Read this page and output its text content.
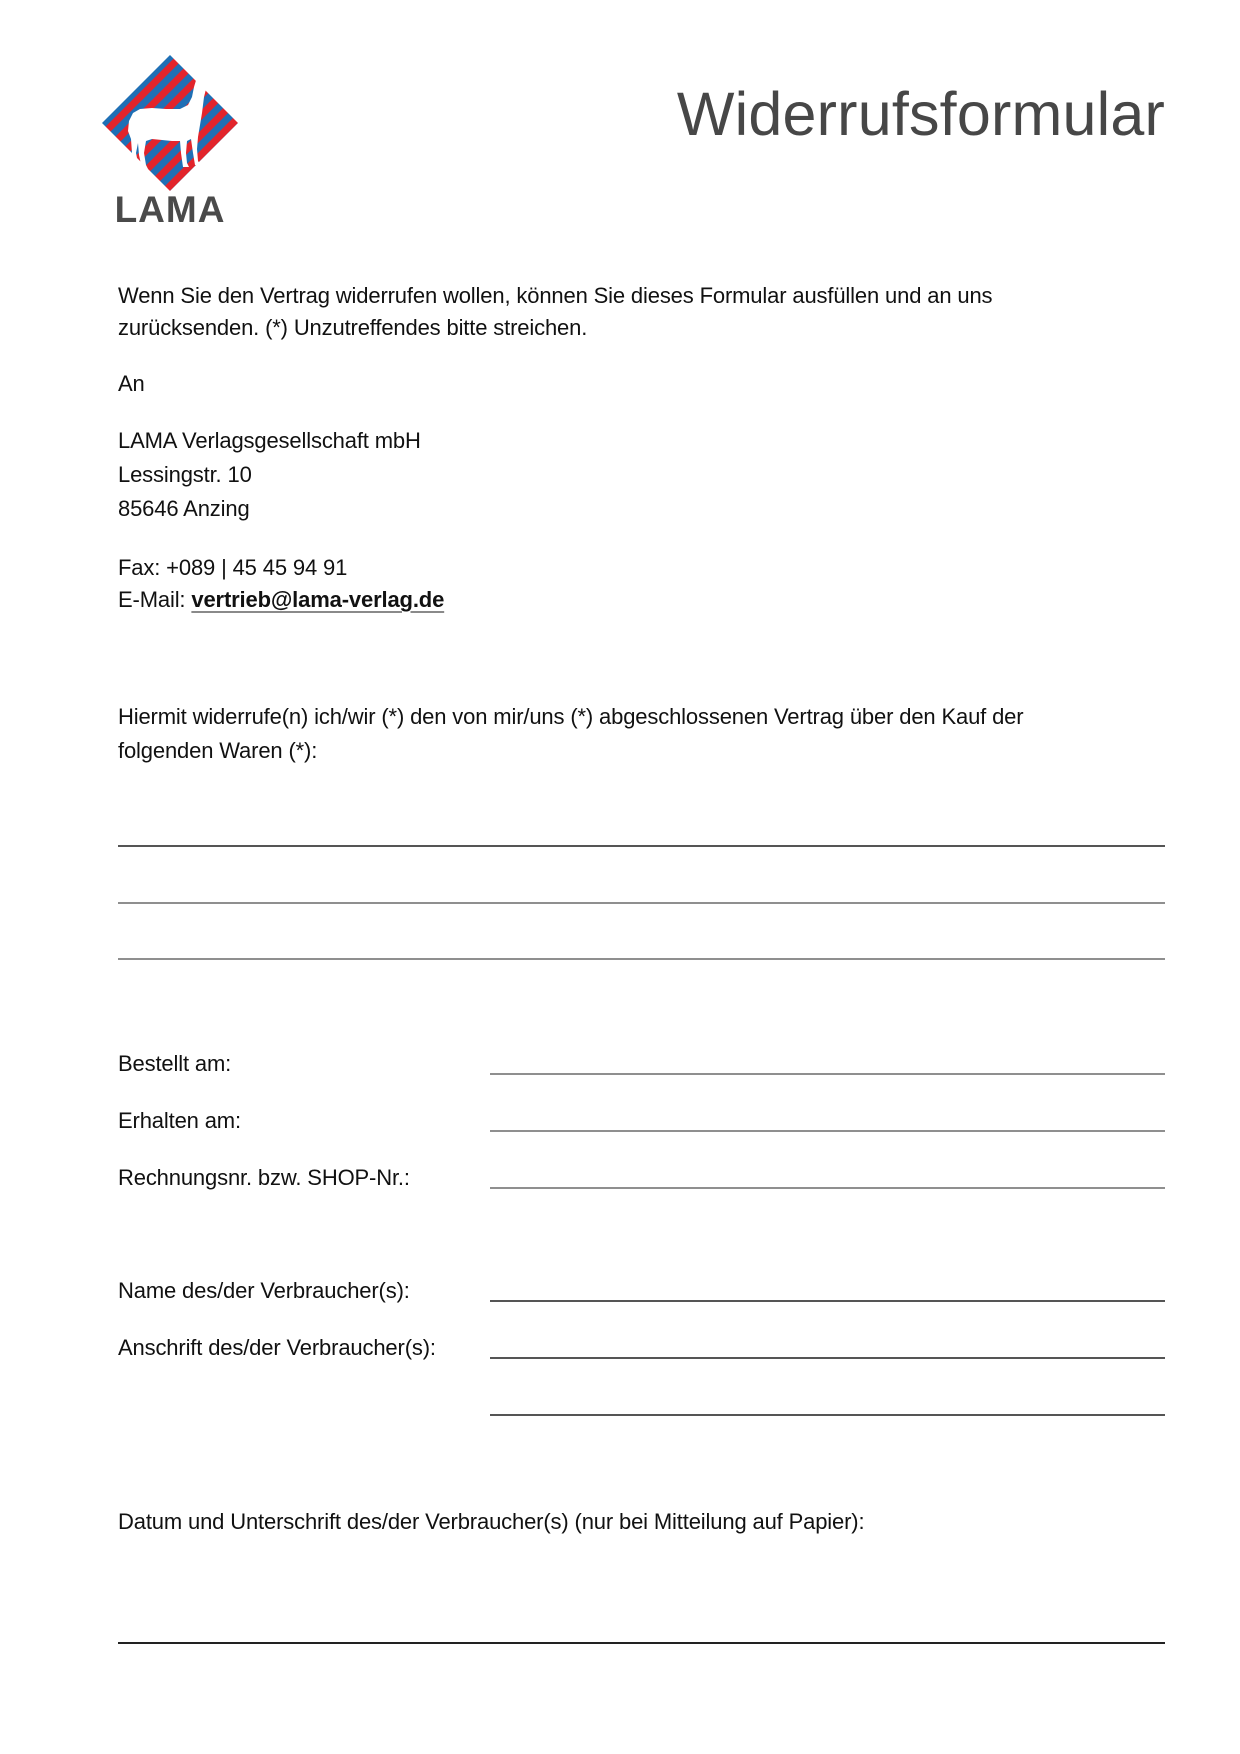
LAMA
Widerrufsformular
Wenn Sie den Vertrag widerrufen wollen, können Sie dieses Formular ausfüllen und an uns
zurücksenden. (*) Unzutreffendes bitte streichen.
An
LAMA Verlagsgesellschaft mbH
Lessingstr. 10
85646 Anzing
Fax: +089 | 45 45 94 91
E-Mail: vertrieb@lama-verlag.de
Hiermit widerrufe(n) ich/wir (*) den von mir/uns (*) abgeschlossenen Vertrag über den Kauf der
folgenden Waren (*):
Bestellt am:
Erhalten am:
Rechnungsnr. bzw. SHOP-Nr.:
Name des/der Verbraucher(s):
Anschrift des/der Verbraucher(s):
Datum und Unterschrift des/der Verbraucher(s) (nur bei Mitteilung auf Papier):
